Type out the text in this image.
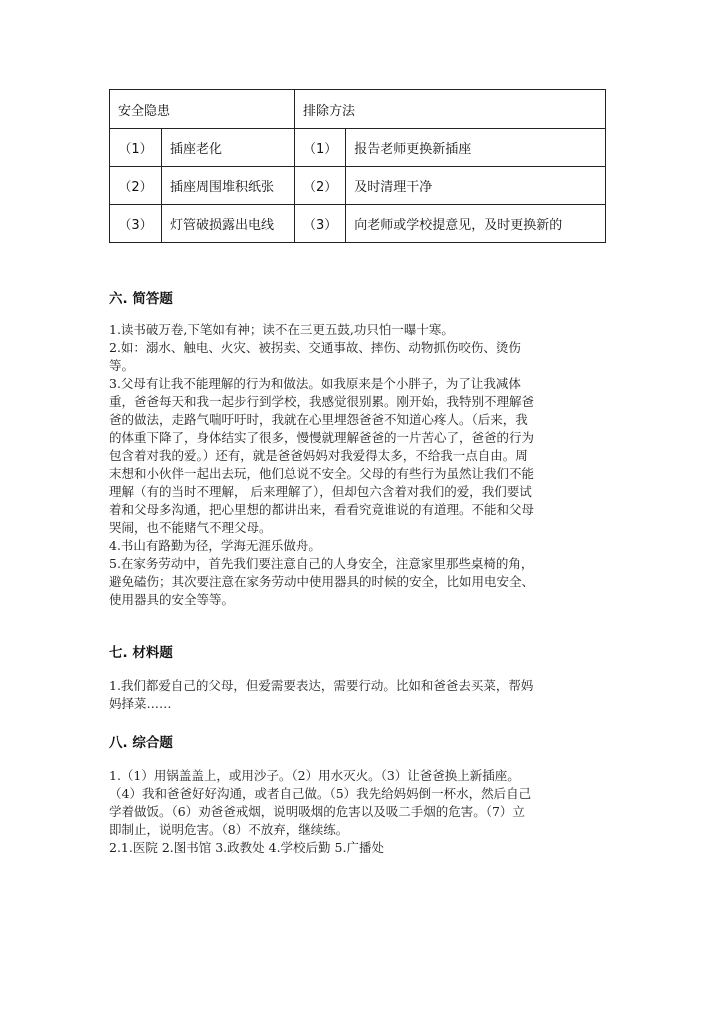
安全隐患		排除方法	
（1）	插座老化	（1）	报告老师更换新插座
（2）	插座周围堆积纸张	（2）	及时清理干净
（3）	灯管破损露出电线	（3）	向老师或学校提意见，及时更换新的
六. 简答题
1.读书破万卷,下笔如有神；读不在三更五鼓,功只怕一曝十寒。
2.如：溺水、触电、火灾、被拐卖、交通事故、摔伤、动物抓伤咬伤、烫伤
等。
3.父母有让我不能理解的行为和做法。如我原来是个小胖子，为了让我减体
重，爸爸每天和我一起步行到学校，我感觉很别累。刚开始，我特别不理解爸
爸的做法，走路气喘吁吁时，我就在心里埋怨爸爸不知道心疼人。（后来，我
的体重下降了，身体结实了很多，慢慢就理解爸爸的一片苦心了，爸爸的行为
包含着对我的爱。）还有，就是爸爸妈妈对我爱得太多，不给我一点自由。周
末想和小伙伴一起出去玩，他们总说不安全。父母的有些行为虽然让我们不能
理解（有的当时不理解， 后来理解了），但却包六含着对我们的爱，我们要试
着和父母多沟通，把心里想的都讲出来，看看究竟谁说的有道理。不能和父母
哭闹，也不能赌气不理父母。
4.书山有路勤为径，学海无涯乐做舟。
5.在家务劳动中，首先我们要注意自己的人身安全，注意家里那些桌椅的角，
避免磕伤；其次要注意在家务劳动中使用器具的时候的安全，比如用电安全、
使用器具的安全等等。
七. 材料题
1.我们都爱自己的父母，但爱需要表达，需要行动。比如和爸爸去买菜，帮妈
妈择菜……
八. 综合题
1.（1）用锅盖盖上，或用沙子。（2）用水灭火。（3）让爸爸换上新插座。
（4）我和爸爸好好沟通，或者自己做。（5）我先给妈妈倒一杯水，然后自己
学着做饭。（6）劝爸爸戒烟，说明吸烟的危害以及吸二手烟的危害。（7）立
即制止，说明危害。（8）不放弃，继续练。
2.1.医院 2.图书馆 3.政教处 4.学校后勤 5.广播处
